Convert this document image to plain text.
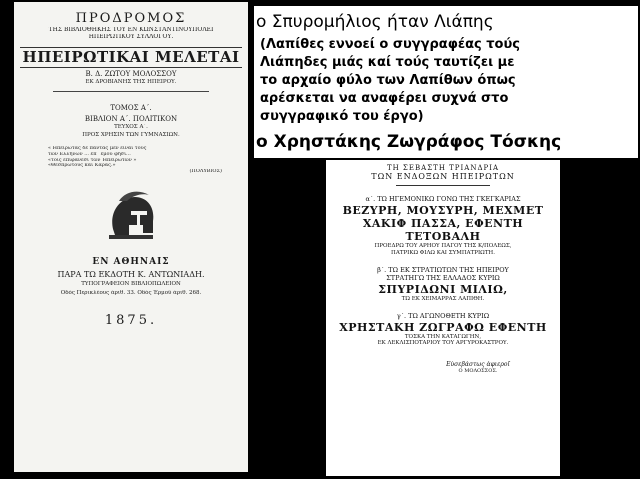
ΠΡΟΔΡΟΜΟΣ
ΤΗΣ ΒΙΒΛΙΟΘΗΚΗΣ ΤΟΥ ΕΝ ΚΩΝΣΤΑΝΤΙΝΟΥΠΟΛΕΙ
ΗΠΕΙΡΩΤΙΚΟΥ ΣΥΛΛΟΓΟΥ.
ΗΠΕΙΡΩΤΙΚΑΙ ΜΕΛΕΤΑΙ
Β. Δ. ΖΩΤΟΥ ΜΟΛΟΣΣΟΥ
ΕΚ ΔΡΟΒΙΑΝΗΣ ΤΗΣ ΗΠΕΙΡΟΥ.
ΤΟΜΟΣ Α΄.
ΒΙΒΛΙΟΝ Α΄. ΠΟΛΙΤΙΚΟΝ
ΤΕΥΧΟΣ Α΄.
ΠΡΟΣ ΧΡΗΣΙΝ ΤΩΝ ΓΥΜΝΑΣΙΩΝ.
« Ηπειρώτας δε πάντας μεν είναι τους
τῶν Ελλήνων ... ἐπ᾽ ἐμοῦ φησι...
«τοῖς ἐπιφανέσι τῶν Ἠπειρωτῶν »
«Θεσπρωτοὺς καὶ Κάρας.»
(ΠΟΛΥΒΙΟΣ)
ΕΝ ΑΘΗΝΑΙΣ
ΠΑΡΑ ΤΩ ΕΚΔΟΤΗ Κ. ΑΝΤΩΝΙΑΔΗ.
ΤΥΠΟΓΡΑΦΕΙΟΝ ΒΙΒΛΙΟΠΩΛΕΙΟΝ
Οδὸς Περικλέους ἀριθ. 33. Οδὸς Ἑρμοῦ ἀριθ. 268.
1875.
ο Σπυρομήλιος ήταν Λιάπης
(Λαπίθες εννοεί ο συγγραφέας τούς
Λιάπηδες μιάς καί τούς ταυτίζει με
το αρχαίο φύλο των Λαπίθων όπως
αρέσκεται να αναφέρει συχνά στο
συγγραφικό του έργο)
ο Χρηστάκης Ζωγράφος Τόσκης
ΤΗ ΣΕΒΑΣΤΗ ΤΡΙΑΝΔΡΙΑ
ΤΩΝ ΕΝΔΟΞΩΝ ΗΠΕΙΡΩΤΩΝ
α΄. ΤΩ ΗΓΕΜΟΝΙΚΩ ΓΟΝΩ ΤΗΣ ΓΚΕΓΚΑΡΙΑΣ
ΒΕΖΥΡΗ, ΜΟΥΣΥΡΗ, ΜΕΧΜΕΤ
ΧΑΚΙΦ ΠΑΣΣΑ, ΕΦΕΝΤΗ
ΤΕΤΟΒΑΛΗ
ΠΡΟΕΔΡΩ ΤΟΥ ΑΡΗΟΥ ΠΑΓΟΥ ΤΗΣ Κ/ΠΟΛΕΩΣ,
ΠΑΤΡΙΚΩ ΦΙΛΩ ΚΑΙ ΣΥΜΠΑΤΡΙΩΤΗ.
β΄. ΤΩ ΕΚ ΣΤΡΑΤΙΩΤΩΝ ΤΗΣ ΗΠΕΙΡΟΥ
ΣΤΡΑΤΗΓΩ ΤΗΣ ΕΛΛΑΔΟΣ ΚΥΡΙΩ
ΣΠΥΡΙΔΩΝΙ ΜΙΛΙΩ,
ΤΩ ΕΚ ΧΕΙΜΑΡΡΑΣ ΛΑΠΙΘΗ.
γ΄. ΤΩ ΑΓΩΝΟΘΕΤΗ ΚΥΡΙΩ
ΧΡΗΣΤΑΚΗ ΖΩΓΡΑΦΩ ΕΦΕΝΤΗ
ΤΟΣΚΑ ΤΗΝ ΚΑΤΑΓΩΓΗΝ,
ΕΚ ΛΕΚΛΙΣΠΟΤΑΡΙΟΥ ΤΟΥ ΑΡΓΥΡΟΚΑΣΤΡΟΥ.
Εὐσεβάστως ἀφιεροῖ
Ο ΜΟΛΟΣΣΟΣ.
